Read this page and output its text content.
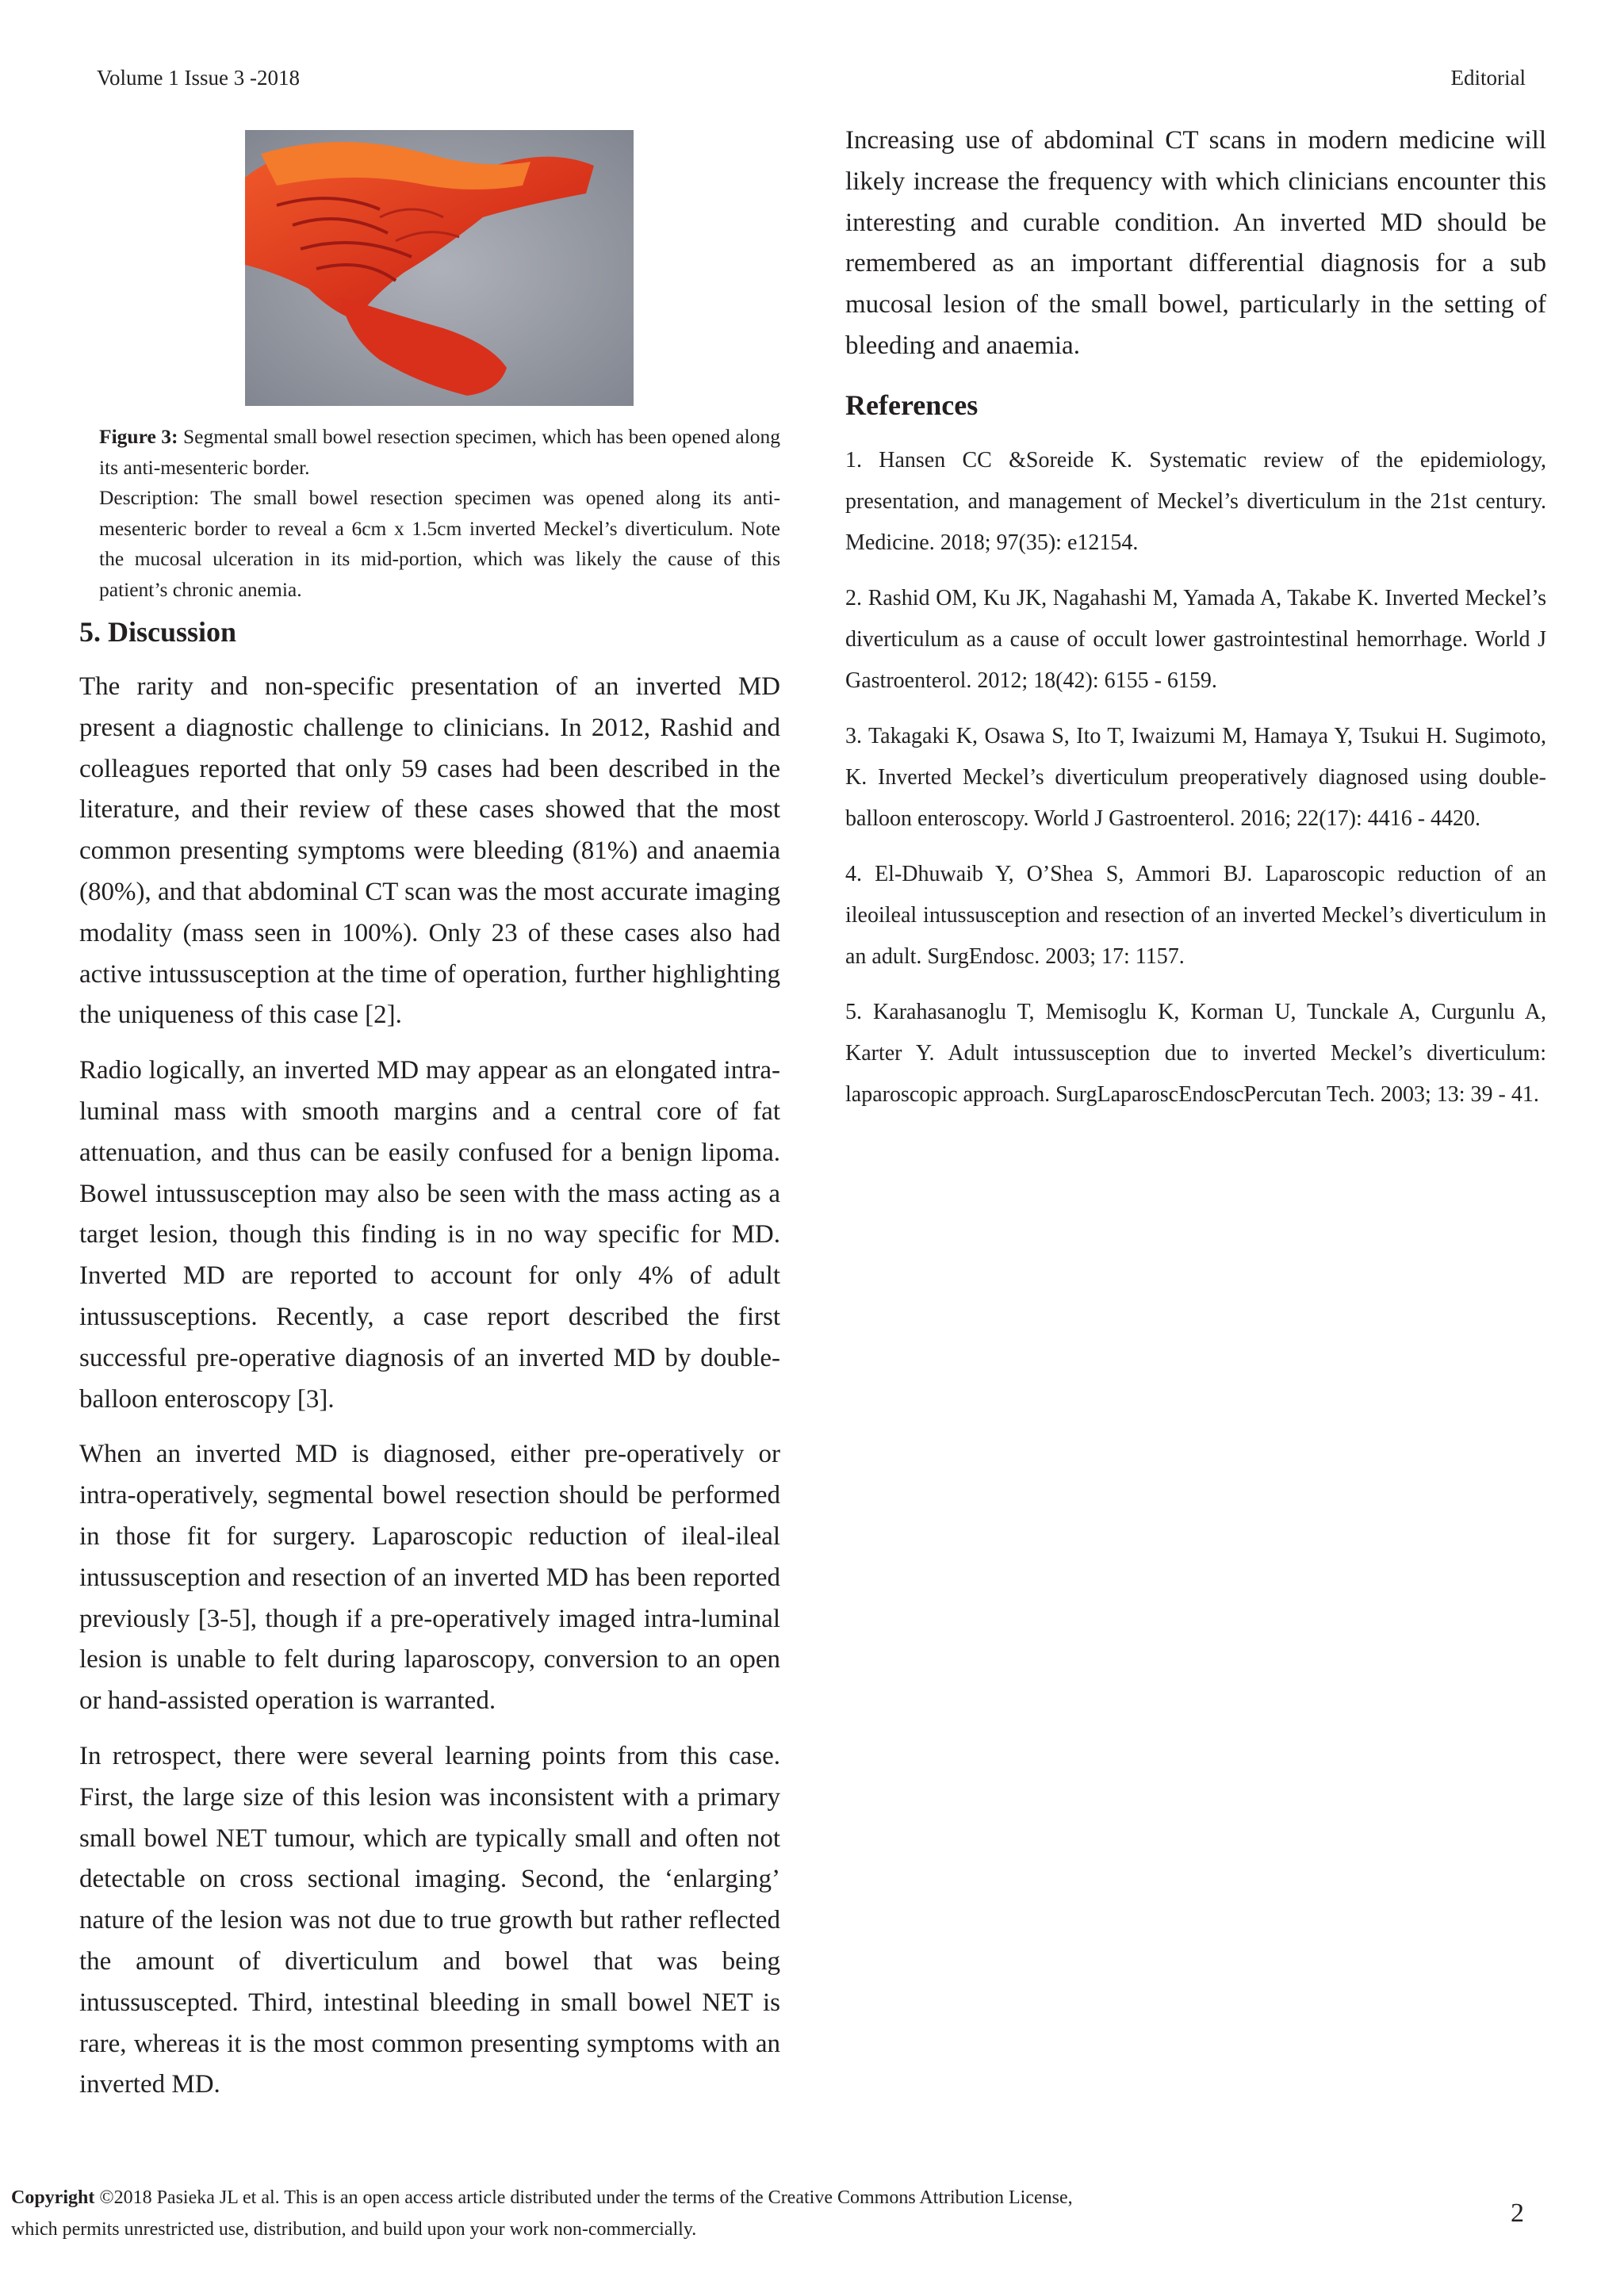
Volume 1 Issue 3 -2018	Editorial
Figure 3: Segmental small bowel resection specimen, which has been opened along its anti-mesenteric border.
Description: The small bowel resection specimen was opened along its anti-mesenteric border to reveal a 6cm x 1.5cm inverted Meckel’s diverticulum. Note the mucosal ulceration in its mid-portion, which was likely the cause of this patient’s chronic anemia.
5. Discussion

The rarity and non-specific presentation of an inverted MD present a diagnostic challenge to clinicians. In 2012, Rashid and colleagues reported that only 59 cases had been described in the literature, and their review of these cases showed that the most common presenting symptoms were bleeding (81%) and anaemia (80%), and that abdominal CT scan was the most accurate imaging modality (mass seen in 100%). Only 23 of these cases also had active intussusception at the time of operation, further highlighting the uniqueness of this case [2].

Radio logically, an inverted MD may appear as an elongated intra-luminal mass with smooth margins and a central core of fat attenuation, and thus can be easily confused for a benign lipoma. Bowel intussusception may also be seen with the mass acting as a target lesion, though this finding is in no way specific for MD. Inverted MD are reported to account for only 4% of adult intussusceptions. Recently, a case report described the first successful pre-operative diagnosis of an inverted MD by double-balloon enteroscopy [3].

When an inverted MD is diagnosed, either pre-operatively or intra-operatively, segmental bowel resection should be performed in those fit for surgery. Laparoscopic reduction of ileal-ileal intussusception and resection of an inverted MD has been reported previously [3-5], though if a pre-operatively imaged intra-luminal lesion is unable to felt during laparoscopy, conversion to an open or hand-assisted operation is warranted.

In retrospect, there were several learning points from this case. First, the large size of this lesion was inconsistent with a primary small bowel NET tumour, which are typically small and often not detectable on cross sectional imaging. Second, the ‘enlarging’ nature of the lesion was not due to true growth but rather reflected the amount of diverticulum and bowel that was being intussuscepted. Third, intestinal bleeding in small bowel NET is rare, whereas it is the most common presenting symptoms with an inverted MD.

Increasing use of abdominal CT scans in modern medicine will likely increase the frequency with which clinicians encounter this interesting and curable condition. An inverted MD should be remembered as an important differential diagnosis for a sub mucosal lesion of the small bowel, particularly in the setting of bleeding and anaemia.

References
1. Hansen CC &Soreide K. Systematic review of the epidemiology, presentation, and management of Meckel’s diverticulum in the 21st century. Medicine. 2018; 97(35): e12154.
2. Rashid OM, Ku JK, Nagahashi M, Yamada A, Takabe K. Inverted Meckel’s diverticulum as a cause of occult lower gastrointestinal hemorrhage. World J Gastroenterol. 2012; 18(42): 6155 - 6159.
3. Takagaki K, Osawa S, Ito T, Iwaizumi M, Hamaya Y, Tsukui H. Sugimoto, K. Inverted Meckel’s diverticulum preoperatively diagnosed using double-balloon enteroscopy. World J Gastroenterol. 2016; 22(17): 4416 - 4420.
4. El-Dhuwaib Y, O’Shea S, Ammori BJ. Laparoscopic reduction of an ileoileal intussusception and resection of an inverted Meckel’s diverticulum in an adult. SurgEndosc. 2003; 17: 1157.
5. Karahasanoglu T, Memisoglu K, Korman U, Tunckale A, Curgunlu A, Karter Y. Adult intussusception due to inverted Meckel’s diverticulum: laparoscopic approach. SurgLaparoscEndoscPercutan Tech. 2003; 13: 39 - 41.
Copyright ©2018 Pasieka JL et al. This is an open access article distributed under the terms of the Creative Commons Attribution License, which permits unrestricted use, distribution, and build upon your work non-commercially.
2
